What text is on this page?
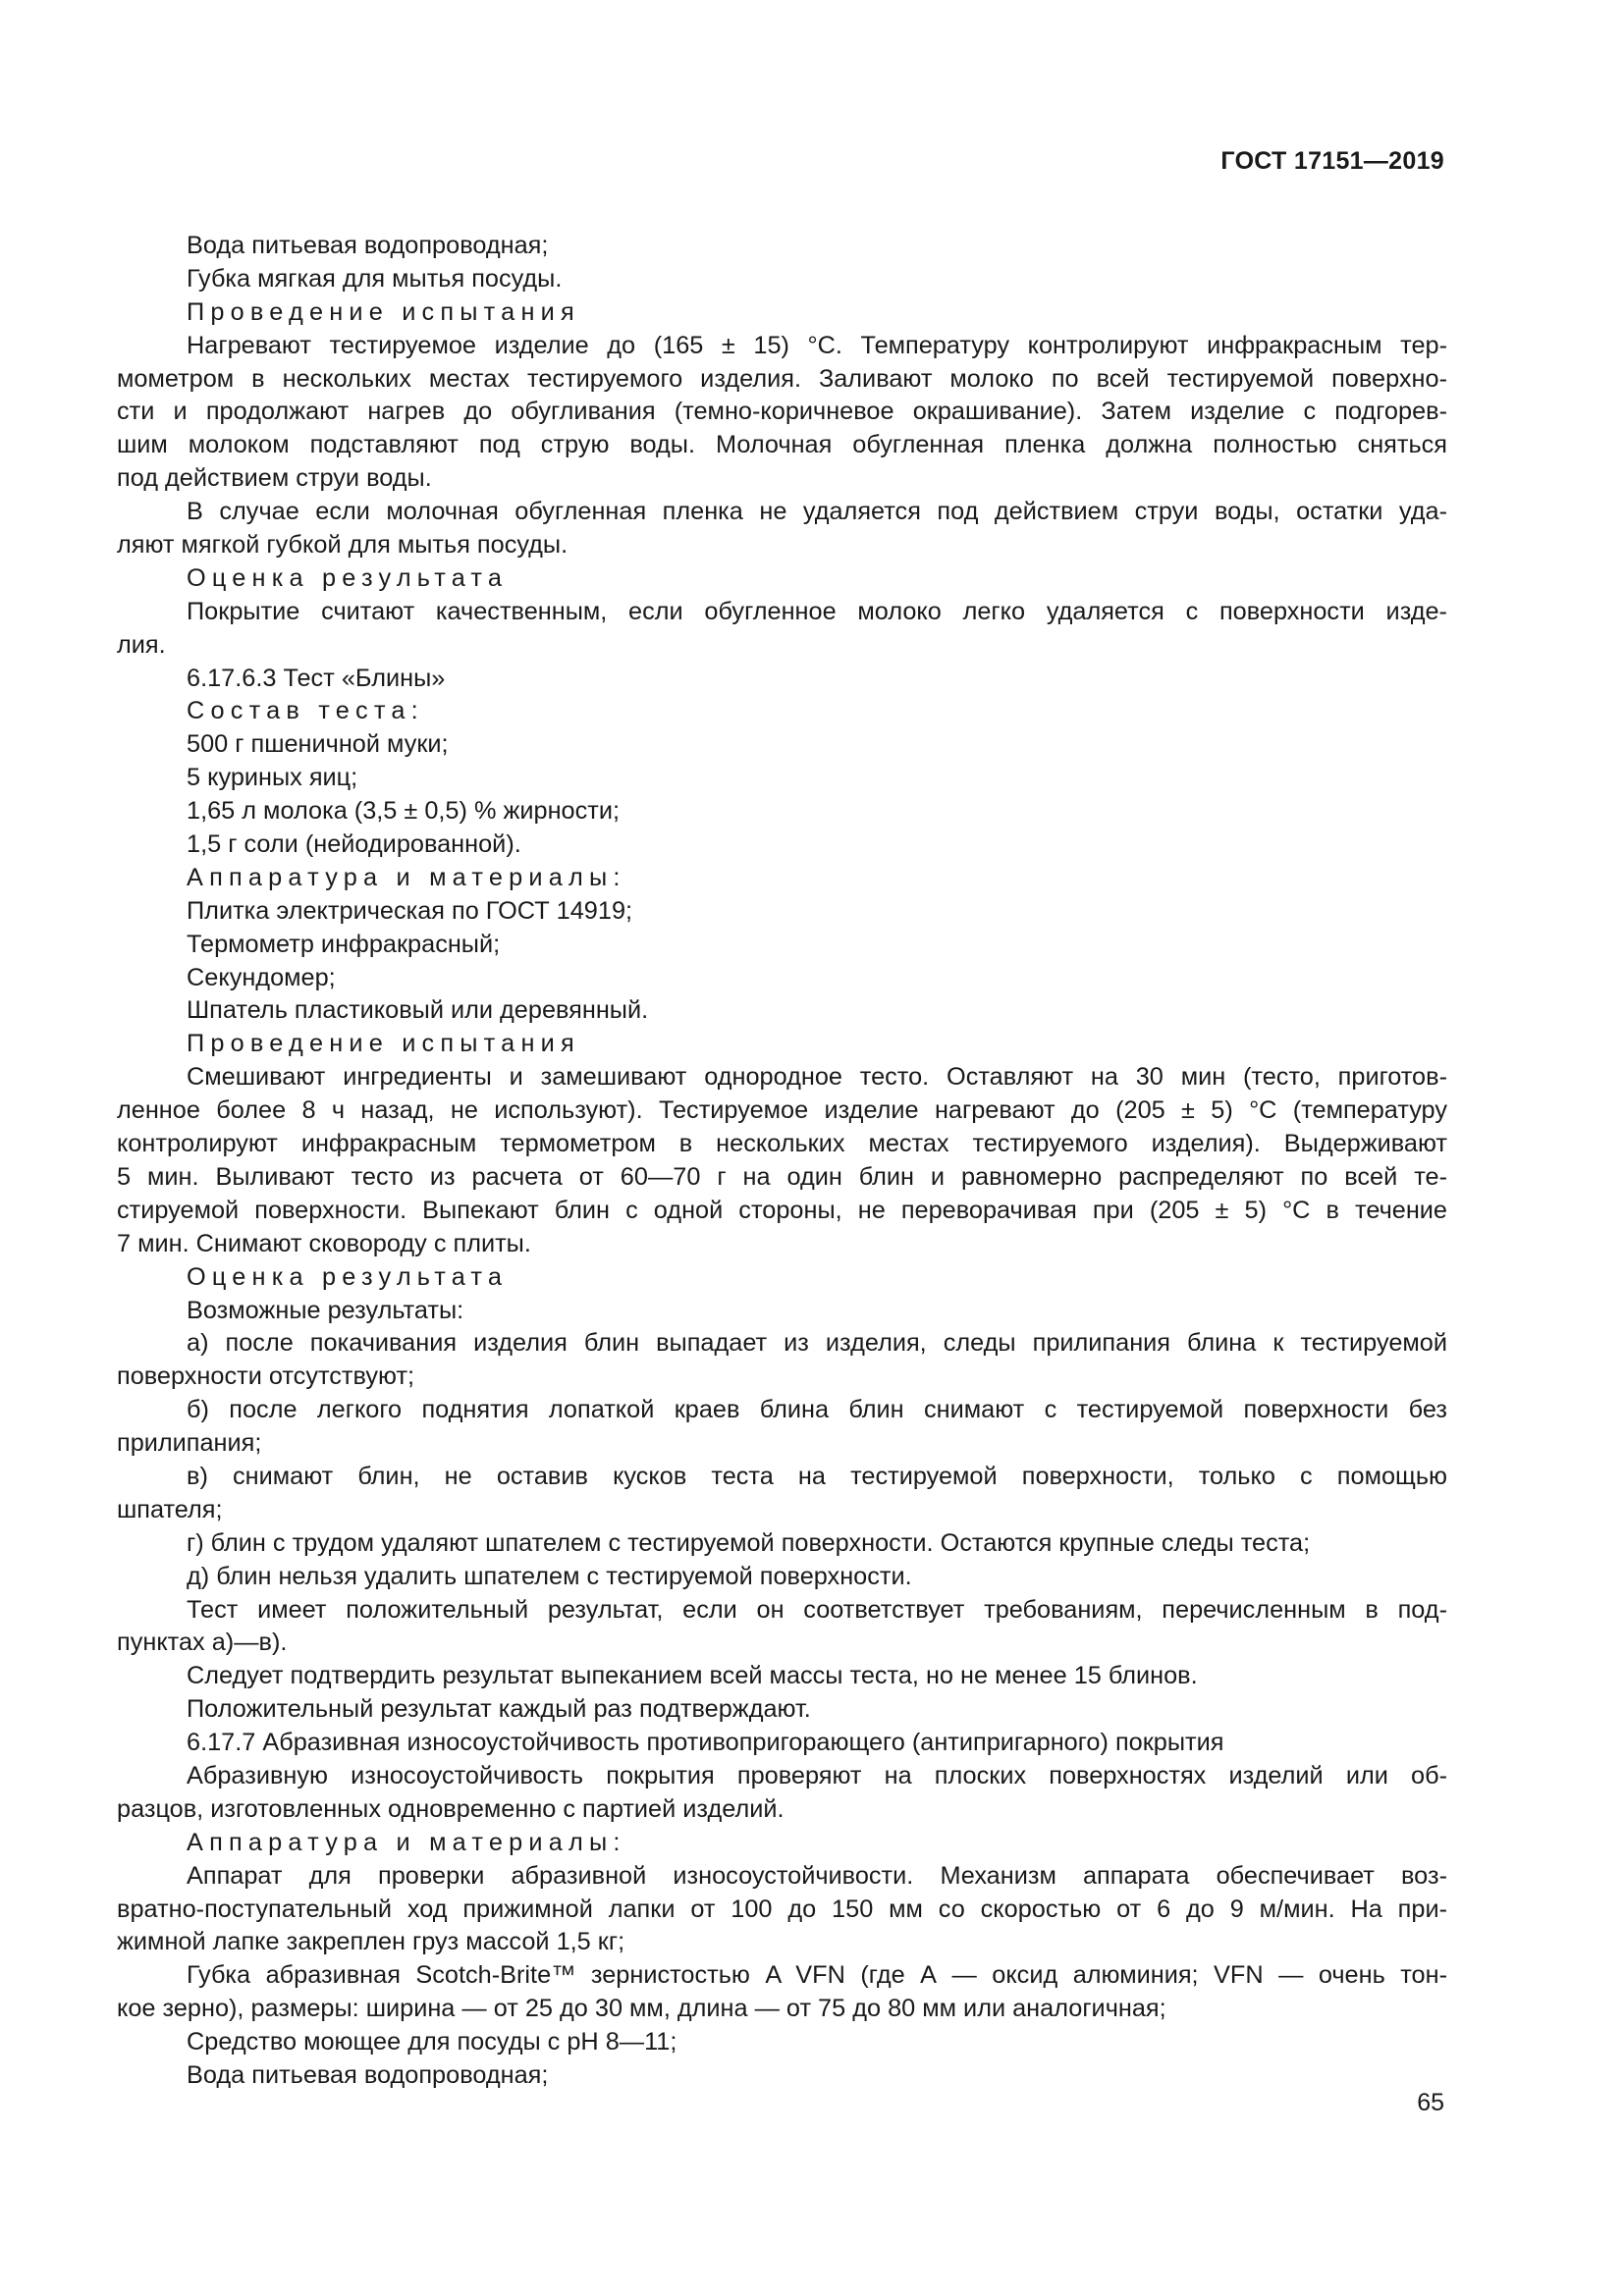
ГОСТ 17151—2019
Вода питьевая водопроводная;
Губка мягкая для мытья посуды.
Проведение испытания
Нагревают тестируемое изделие до (165 ± 15) °С. Температуру контролируют инфракрасным тер-
мометром в нескольких местах тестируемого изделия. Заливают молоко по всей тестируемой поверхно-
сти и продолжают нагрев до обугливания (темно-коричневое окрашивание). Затем изделие с подгорев-
шим молоком подставляют под струю воды. Молочная обугленная пленка должна полностью сняться
под действием струи воды.
В случае если молочная обугленная пленка не удаляется под действием струи воды, остатки уда-
ляют мягкой губкой для мытья посуды.
Оценка результата
Покрытие считают качественным, если обугленное молоко легко удаляется с поверхности изде-
лия.
6.17.6.3 Тест «Блины»
Состав теста:
500 г пшеничной муки;
5 куриных яиц;
1,65 л молока (3,5 ± 0,5) % жирности;
1,5 г соли (нейодированной).
Аппаратура и материалы:
Плитка электрическая по ГОСТ 14919;
Термометр инфракрасный;
Секундомер;
Шпатель пластиковый или деревянный.
Проведение испытания
Смешивают ингредиенты и замешивают однородное тесто. Оставляют на 30 мин (тесто, приготов-
ленное более 8 ч назад, не используют). Тестируемое изделие нагревают до (205 ± 5) °С (температуру
контролируют инфракрасным термометром в нескольких местах тестируемого изделия). Выдерживают
5 мин. Выливают тесто из расчета от 60—70 г на один блин и равномерно распределяют по всей те-
стируемой поверхности. Выпекают блин с одной стороны, не переворачивая при (205 ± 5) °С в течение
7 мин. Снимают сковороду с плиты.
Оценка результата
Возможные результаты:
а) после покачивания изделия блин выпадает из изделия, следы прилипания блина к тестируемой
поверхности отсутствуют;
б) после легкого поднятия лопаткой краев блина блин снимают с тестируемой поверхности без
прилипания;
в) снимают блин, не оставив кусков теста на тестируемой поверхности, только с помощью
шпателя;
г) блин с трудом удаляют шпателем с тестируемой поверхности. Остаются крупные следы теста;
д) блин нельзя удалить шпателем с тестируемой поверхности.
Тест имеет положительный результат, если он соответствует требованиям, перечисленным в под-
пунктах а)—в).
Следует подтвердить результат выпеканием всей массы теста, но не менее 15 блинов.
Положительный результат каждый раз подтверждают.
6.17.7 Абразивная износоустойчивость противопригорающего (антипригарного) покрытия
Абразивную износоустойчивость покрытия проверяют на плоских поверхностях изделий или об-
разцов, изготовленных одновременно с партией изделий.
Аппаратура и материалы:
Аппарат для проверки абразивной износоустойчивости. Механизм аппарата обеспечивает воз-
вратно-поступательный ход прижимной лапки от 100 до 150 мм со скоростью от 6 до 9 м/мин. На при-
жимной лапке закреплен груз массой 1,5 кг;
Губка абразивная Scotch-Brite™ зернистостью A VFN (где А — оксид алюминия; VFN — очень тон-
кое зерно), размеры: ширина — от 25 до 30 мм, длина — от 75 до 80 мм или аналогичная;
Средство моющее для посуды с pH 8—11;
Вода питьевая водопроводная;
65
